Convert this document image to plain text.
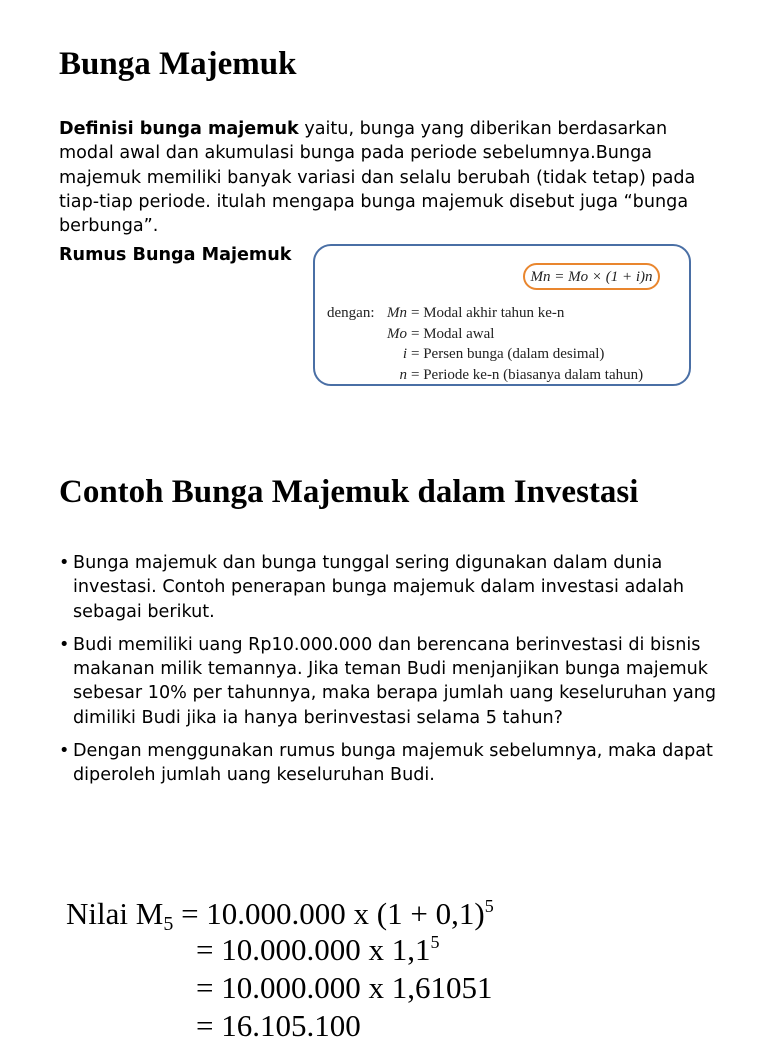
Bunga Majemuk

Definisi bunga majemuk yaitu, bunga yang diberikan berdasarkan modal awal dan akumulasi bunga pada periode sebelumnya.Bunga majemuk memiliki banyak variasi dan selalu berubah (tidak tetap) pada tiap-tiap periode. itulah mengapa bunga majemuk disebut juga “bunga berbunga”.

Rumus Bunga Majemuk

Mn = Mo × (1 + i)n
dengan: Mn = Modal akhir tahun ke-n
Mo = Modal awal
i = Persen bunga (dalam desimal)
n = Periode ke-n (biasanya dalam tahun)
Contoh Bunga Majemuk dalam Investasi
• Bunga majemuk dan bunga tunggal sering digunakan dalam dunia investasi. Contoh penerapan bunga majemuk dalam investasi adalah sebagai berikut.
• Budi memiliki uang Rp10.000.000 dan berencana berinvestasi di bisnis makanan milik temannya. Jika teman Budi menjanjikan bunga majemuk sebesar 10% per tahunnya, maka berapa jumlah uang keseluruhan yang dimiliki Budi jika ia hanya berinvestasi selama 5 tahun?
• Dengan menggunakan rumus bunga majemuk sebelumnya, maka dapat diperoleh jumlah uang keseluruhan Budi.
Nilai $M_5 = 10.000.000$ x $(1 + 0,1)^5$
= 10.000.000 x $1,1^5$
= 10.000.000 x 1,61051
= 16.105.100
